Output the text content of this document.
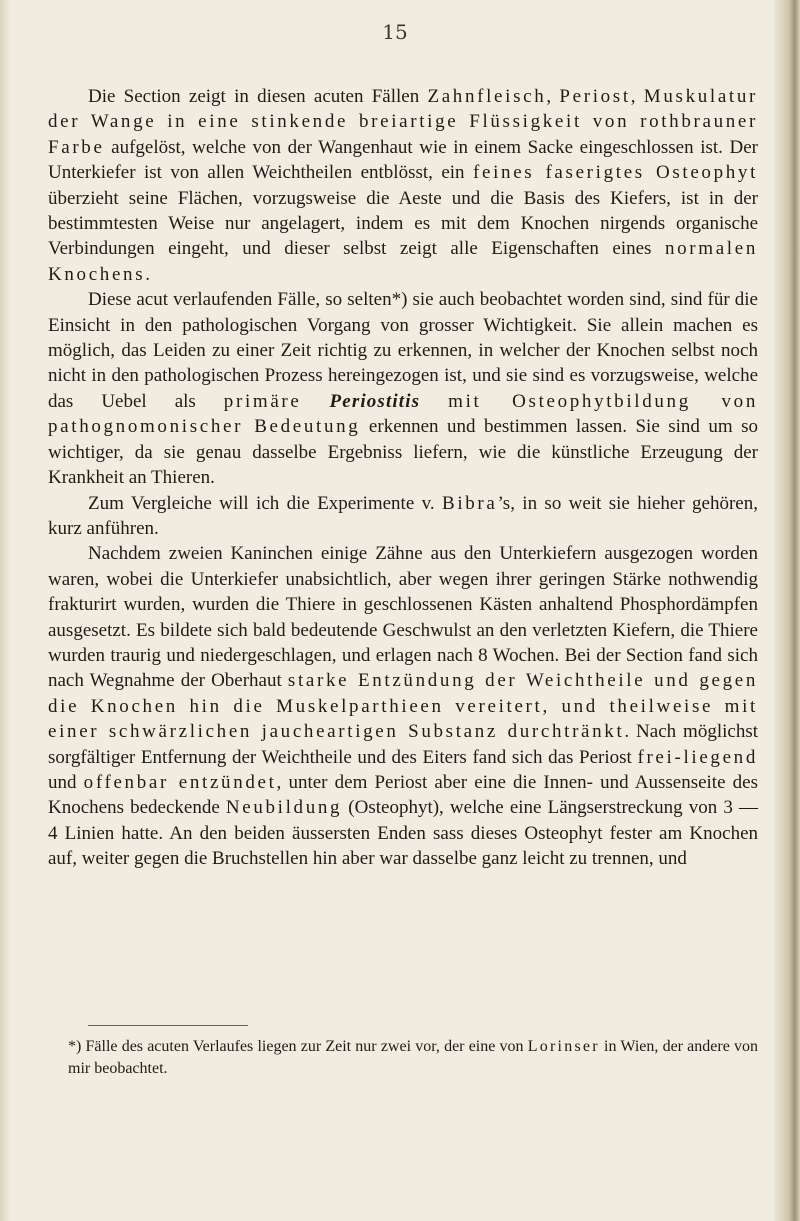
15

Die Section zeigt in diesen acuten Fällen Zahnfleisch, Periost, Muskulatur der Wange in eine stinkende breiartige Flüssigkeit von rothbrauner Farbe aufgelöst, welche von der Wangenhaut wie in einem Sacke eingeschlossen ist. Der Unterkiefer ist von allen Weichtheilen entblösst, ein feines faserigtes Osteophyt überzieht seine Flächen, vorzugsweise die Aeste und die Basis des Kiefers, ist in der bestimmtesten Weise nur angelagert, indem es mit dem Knochen nirgends organische Verbindungen eingeht, und dieser selbst zeigt alle Eigenschaften eines normalen Knochens.

Diese acut verlaufenden Fälle, so selten*) sie auch beobachtet worden sind, sind für die Einsicht in den pathologischen Vorgang von grosser Wichtigkeit. Sie allein machen es möglich, das Leiden zu einer Zeit richtig zu erkennen, in welcher der Knochen selbst noch nicht in den pathologischen Prozess hereingezogen ist, und sie sind es vorzugsweise, welche das Uebel als primäre Periostitis mit Osteophytbildung von pathognomonischer Bedeutung erkennen und bestimmen lassen. Sie sind um so wichtiger, da sie genau dasselbe Ergebniss liefern, wie die künstliche Erzeugung der Krankheit an Thieren.

Zum Vergleiche will ich die Experimente v. Bibra’s, in so weit sie hieher gehören, kurz anführen.

Nachdem zweien Kaninchen einige Zähne aus den Unterkiefern ausgezogen worden waren, wobei die Unterkiefer unabsichtlich, aber wegen ihrer geringen Stärke nothwendig frakturirt wurden, wurden die Thiere in geschlossenen Kästen anhaltend Phosphordämpfen ausgesetzt. Es bildete sich bald bedeutende Geschwulst an den verletzten Kiefern, die Thiere wurden traurig und niedergeschlagen, und erlagen nach 8 Wochen. Bei der Section fand sich nach Wegnahme der Oberhaut starke Entzündung der Weichtheile und gegen die Knochen hin die Muskelparthieen vereitert, und theilweise mit einer schwärzlichen jaucheartigen Substanz durchtränkt. Nach möglichst sorgfältiger Entfernung der Weichtheile und des Eiters fand sich das Periost frei-liegend und offenbar entzündet, unter dem Periost aber eine die Innen- und Aussenseite des Knochens bedeckende Neubildung (Osteophyt), welche eine Längserstreckung von 3 — 4 Linien hatte. An den beiden äussersten Enden sass dieses Osteophyt fester am Knochen auf, weiter gegen die Bruchstellen hin aber war dasselbe ganz leicht zu trennen, und

*) Fälle des acuten Verlaufes liegen zur Zeit nur zwei vor, der eine von Lorinser in Wien, der andere von mir beobachtet.
